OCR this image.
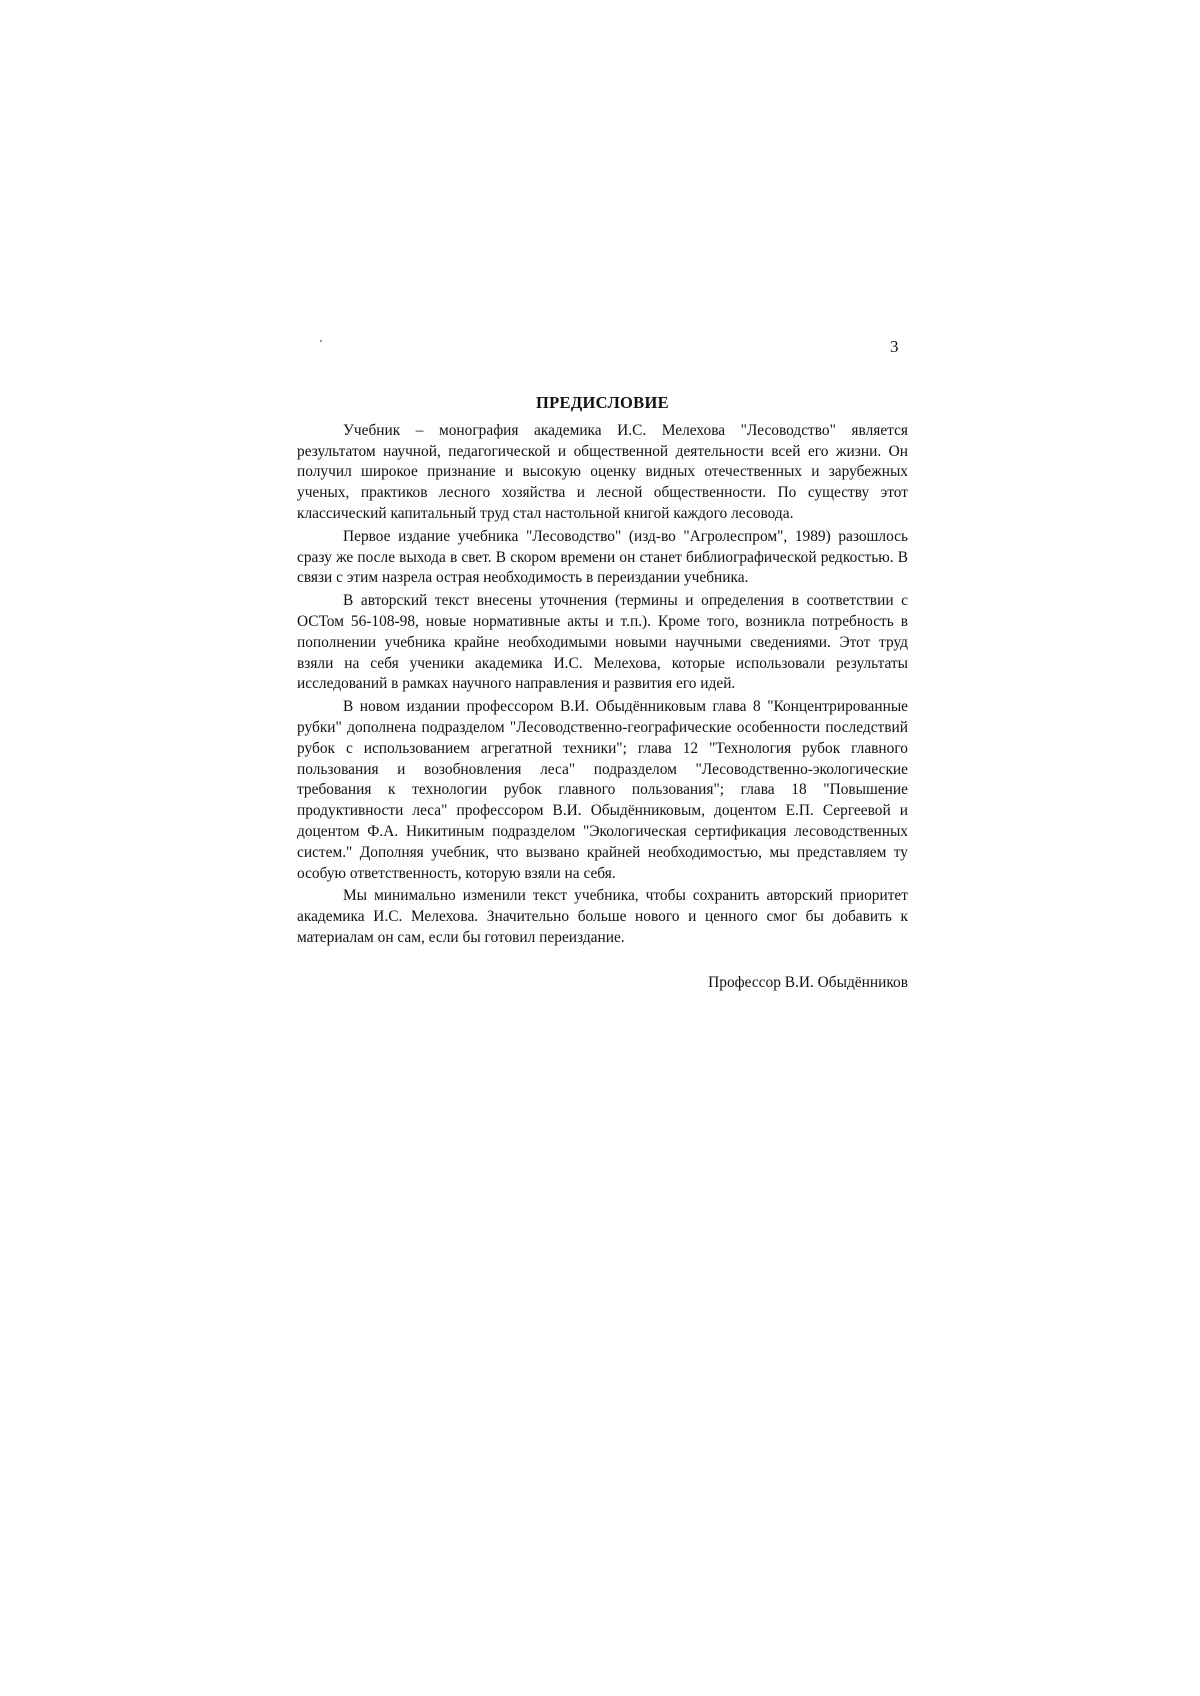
3
ПРЕДИСЛОВИЕ

Учебник – монография академика И.С. Мелехова "Лесоводство" является результатом научной, педагогической и общественной деятельности всей его жизни. Он получил широкое признание и высокую оценку видных отечественных и зарубежных ученых, практиков лесного хозяйства и лесной общественности. По существу этот классический капитальный труд стал настольной книгой каждого лесовода.

Первое издание учебника "Лесоводство" (изд-во "Агролеспром", 1989) разошлось сразу же после выхода в свет. В скором времени он станет библиографической редкостью. В связи с этим назрела острая необходимость в переиздании учебника.

В авторский текст внесены уточнения (термины и определения в соответствии с ОСТом 56-108-98, новые нормативные акты и т.п.). Кроме того, возникла потребность в пополнении учебника крайне необходимыми новыми научными сведениями. Этот труд взяли на себя ученики академика И.С. Мелехова, которые использовали результаты исследований в рамках научного направления и развития его идей.

В новом издании профессором В.И. Обыдённиковым глава 8 "Концентрированные рубки" дополнена подразделом "Лесоводственно-географические особенности последствий рубок с использованием агрегатной техники"; глава 12 "Технология рубок главного пользования и возобновления леса" подразделом "Лесоводственно-экологические требования к технологии рубок главного пользования"; глава 18 "Повышение продуктивности леса" профессором В.И. Обыдённиковым, доцентом Е.П. Сергеевой и доцентом Ф.А. Никитиным подразделом "Экологическая сертификация лесоводственных систем." Дополняя учебник, что вызвано крайней необходимостью, мы представляем ту особую ответственность, которую взяли на себя.

Мы минимально изменили текст учебника, чтобы сохранить авторский приоритет академика И.С. Мелехова. Значительно больше нового и ценного смог бы добавить к материалам он сам, если бы готовил переиздание.

Профессор В.И. Обыдёнников
